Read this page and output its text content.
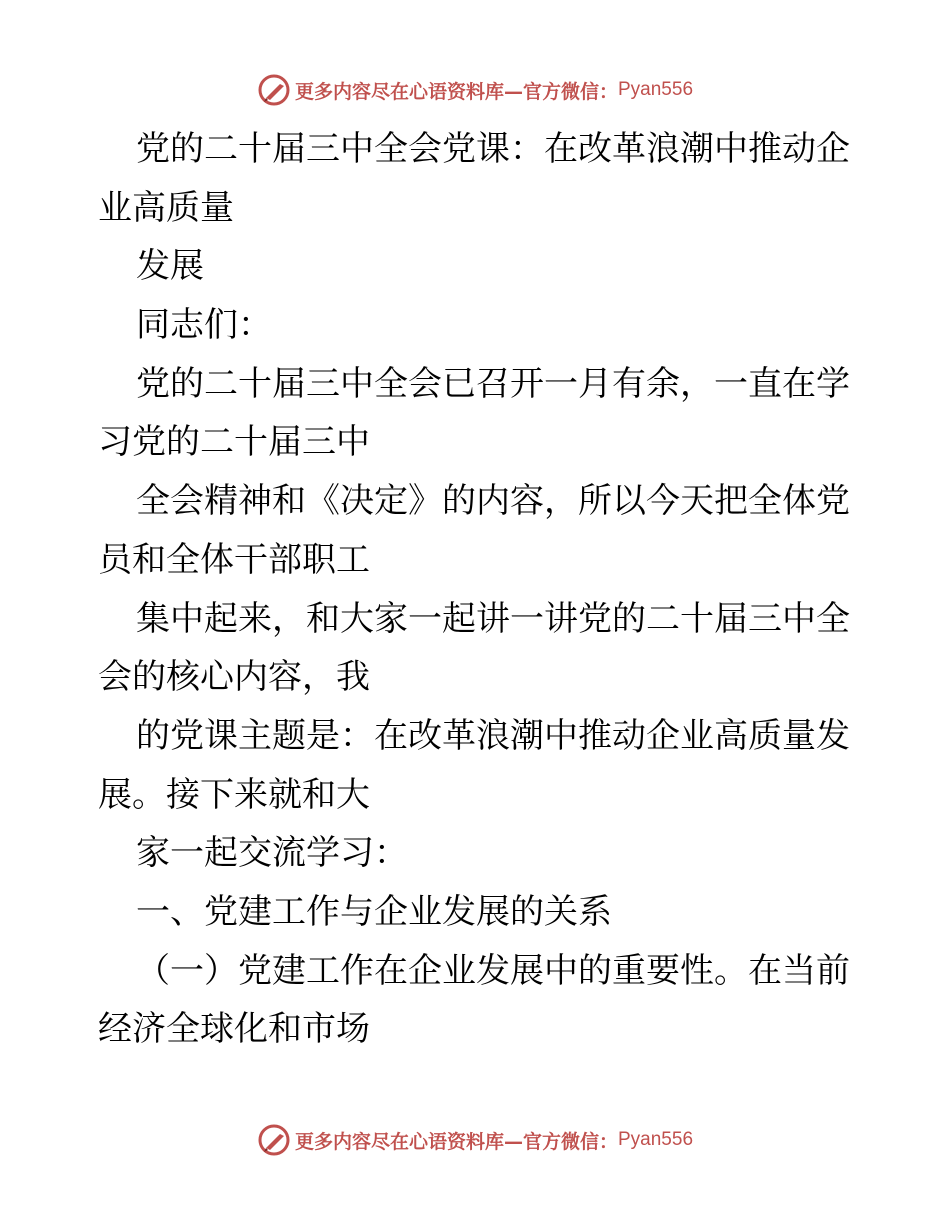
更多内容尽在心语资料库—官方微信： Pyan556
党的二十届三中全会党课：在改革浪潮中推动企
业高质量
发展
同志们：
党的二十届三中全会已召开一月有余，一直在学
习党的二十届三中
全会精神和《决定》的内容，所以今天把全体党
员和全体干部职工
集中起来，和大家一起讲一讲党的二十届三中全
会的核心内容，我
的党课主题是：在改革浪潮中推动企业高质量发
展。接下来就和大
家一起交流学习：
一、党建工作与企业发展的关系
（一）党建工作在企业发展中的重要性。在当前
经济全球化和市场
更多内容尽在心语资料库—官方微信： Pyan556
